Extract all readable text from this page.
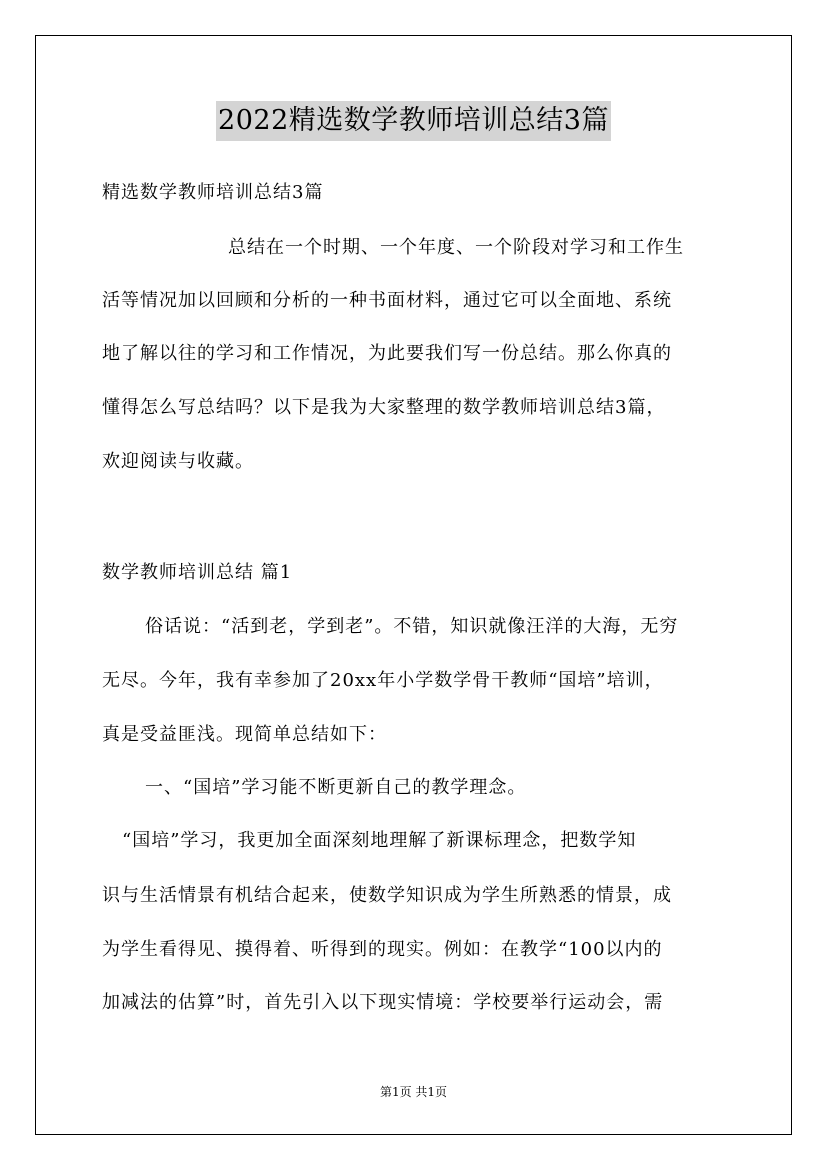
2022精选数学教师培训总结3篇
精选数学教师培训总结3篇
总结在一个时期、一个年度、一个阶段对学习和工作生
活等情况加以回顾和分析的一种书面材料，通过它可以全面地、系统
地了解以往的学习和工作情况，为此要我们写一份总结。那么你真的
懂得怎么写总结吗？以下是我为大家整理的数学教师培训总结3篇，
欢迎阅读与收藏。
数学教师培训总结 篇1
俗话说：“活到老，学到老”。不错，知识就像汪洋的大海，无穷
无尽。今年，我有幸参加了20xx年小学数学骨干教师“国培”培训，
真是受益匪浅。现简单总结如下：
一、“国培”学习能不断更新自己的教学理念。
“国培”学习，我更加全面深刻地理解了新课标理念，把数学知
识与生活情景有机结合起来，使数学知识成为学生所熟悉的情景，成
为学生看得见、摸得着、听得到的现实。例如：在教学“100以内的
加减法的估算”时，首先引入以下现实情境：学校要举行运动会，需
第1页 共1页
